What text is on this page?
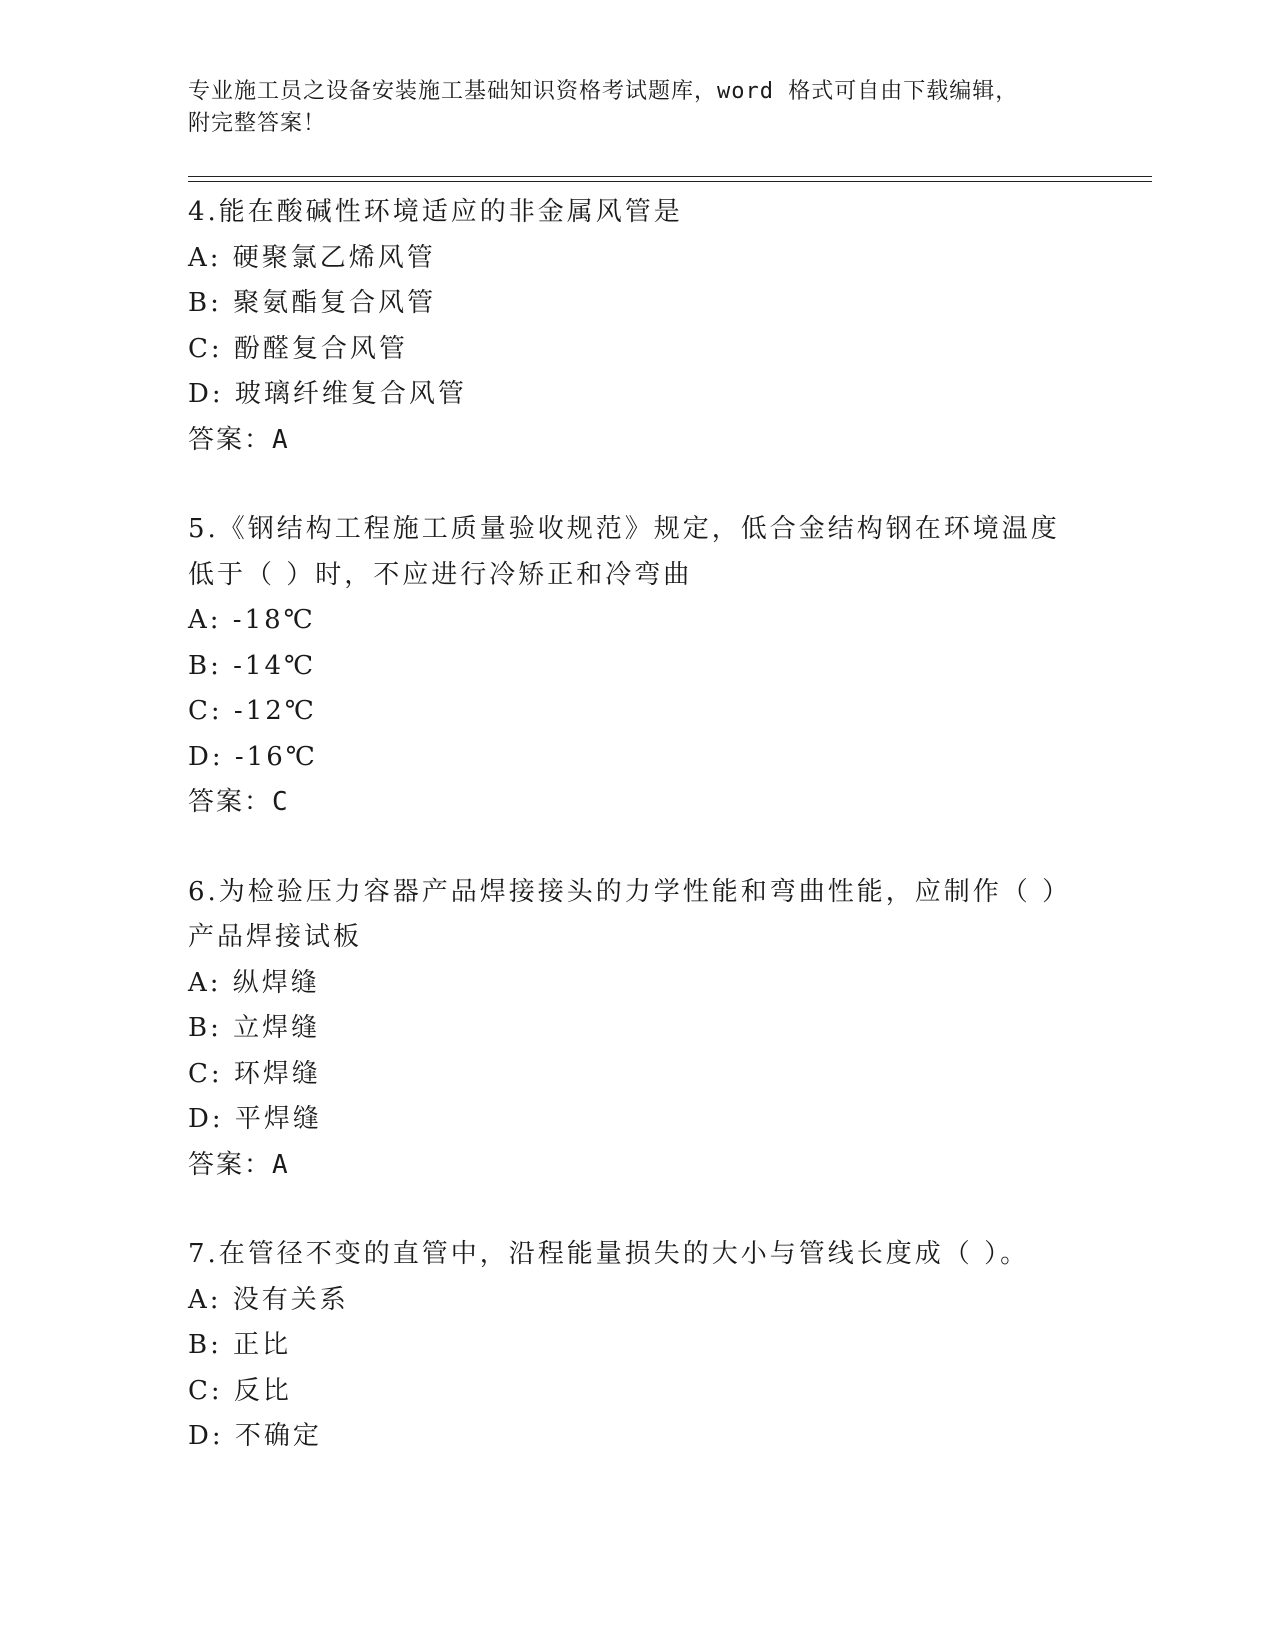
专业施工员之设备安装施工基础知识资格考试题库，word 格式可自由下载编辑，
附完整答案！
4.能在酸碱性环境适应的非金属风管是
A: 硬聚氯乙烯风管
B: 聚氨酯复合风管
C: 酚醛复合风管
D: 玻璃纤维复合风管
答案：A
5.《钢结构工程施工质量验收规范》规定，低合金结构钢在环境温度低于（ ）时，不应进行冷矫正和冷弯曲
A: -18℃
B: -14℃
C: -12℃
D: -16℃
答案：C
6.为检验压力容器产品焊接接头的力学性能和弯曲性能，应制作（ ）产品焊接试板
A: 纵焊缝
B: 立焊缝
C: 环焊缝
D: 平焊缝
答案：A
7.在管径不变的直管中，沿程能量损失的大小与管线长度成（ ）。
A: 没有关系
B: 正比
C: 反比
D: 不确定
